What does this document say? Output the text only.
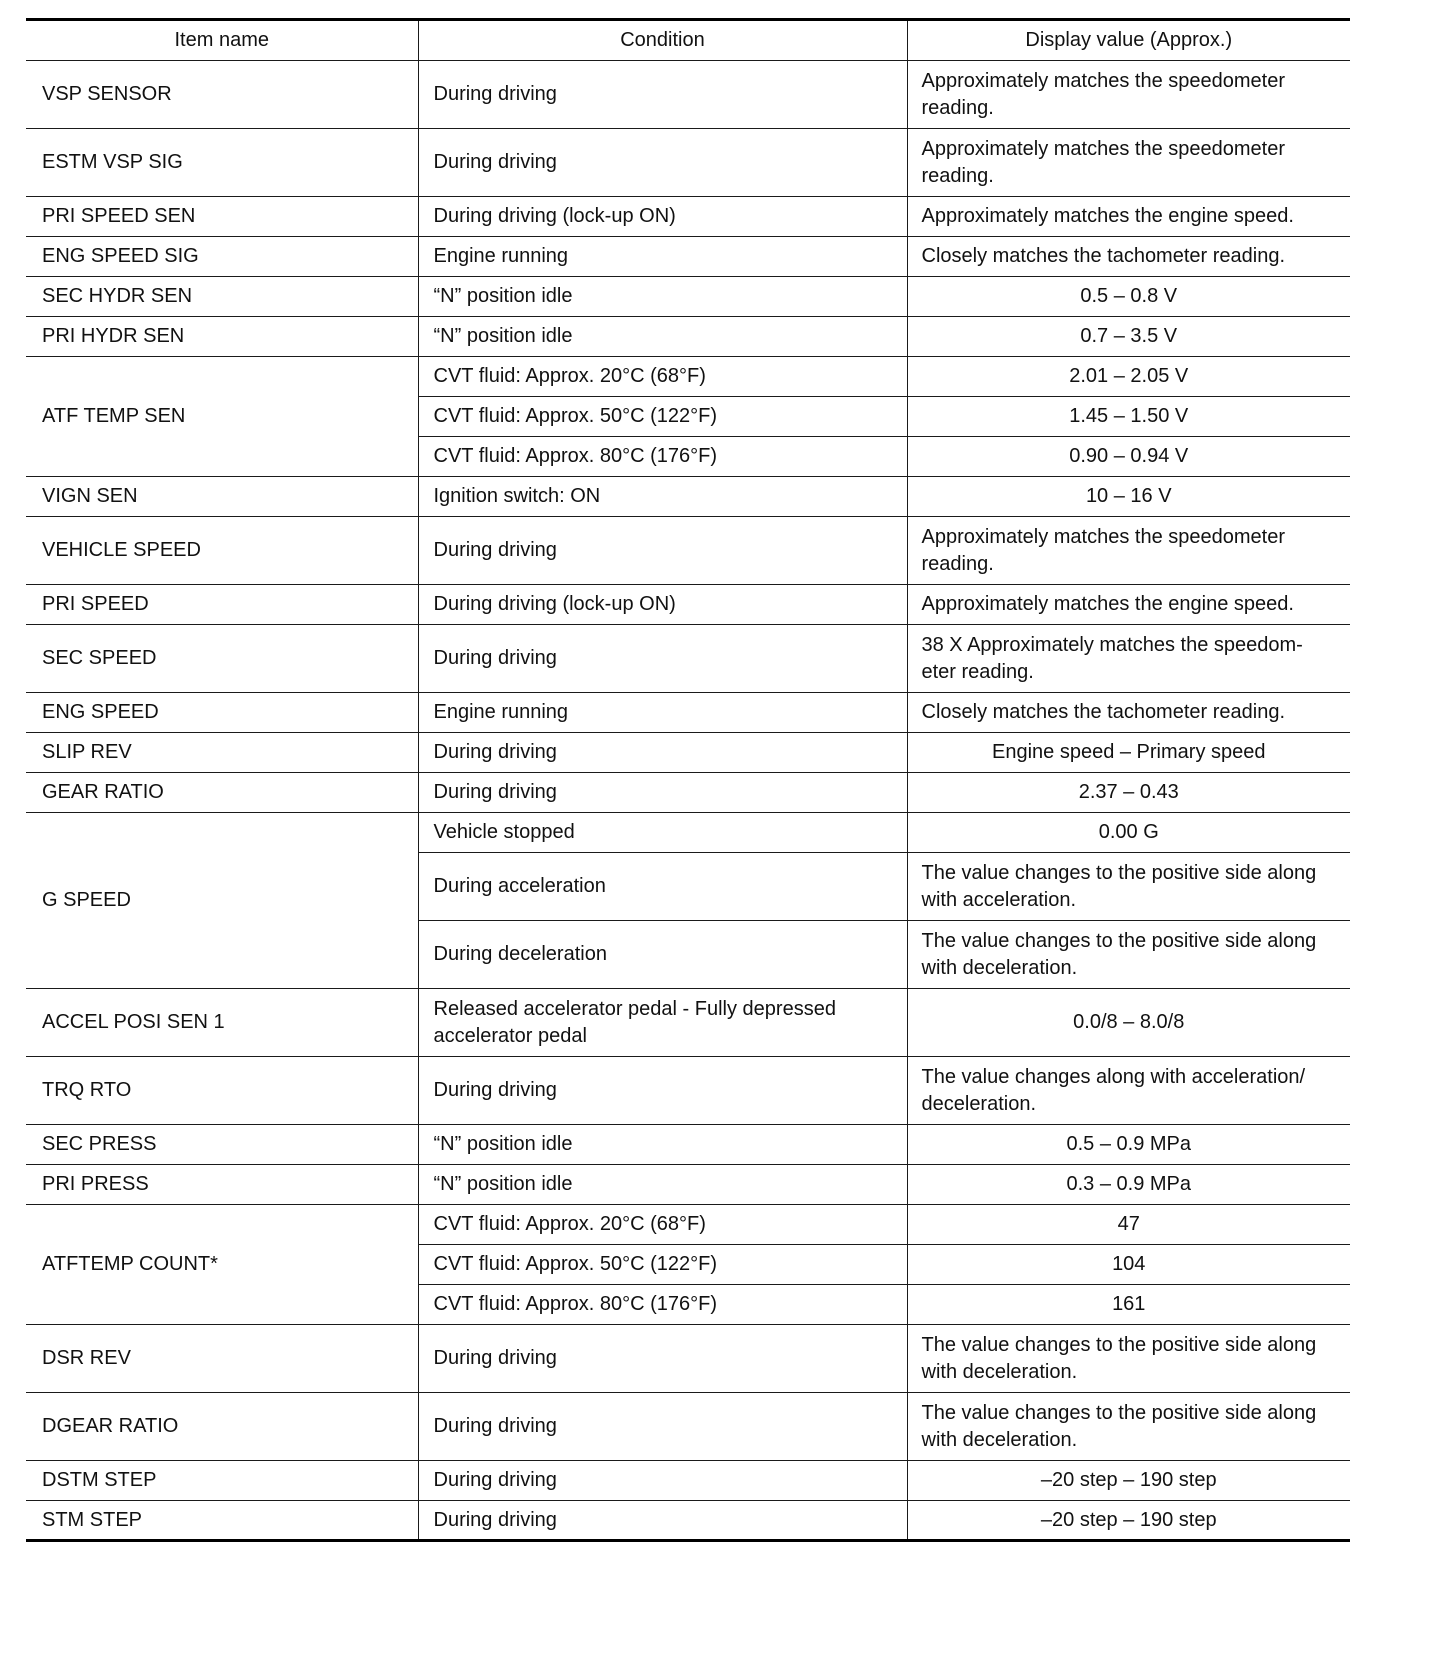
Item name	Condition	Display value (Approx.)
VSP SENSOR	During driving	Approximately matches the speedometer reading.
ESTM VSP SIG	During driving	Approximately matches the speedometer reading.
PRI SPEED SEN	During driving (lock-up ON)	Approximately matches the engine speed.
ENG SPEED SIG	Engine running	Closely matches the tachometer reading.
SEC HYDR SEN	“N” position idle	0.5 – 0.8 V
PRI HYDR SEN	“N” position idle	0.7 – 3.5 V
ATF TEMP SEN	CVT fluid: Approx. 20°C (68°F)	2.01 – 2.05 V
	CVT fluid: Approx. 50°C (122°F)	1.45 – 1.50 V
	CVT fluid: Approx. 80°C (176°F)	0.90 – 0.94 V
VIGN SEN	Ignition switch: ON	10 – 16 V
VEHICLE SPEED	During driving	Approximately matches the speedometer reading.
PRI SPEED	During driving (lock-up ON)	Approximately matches the engine speed.
SEC SPEED	During driving	38 X Approximately matches the speedom-eter reading.
ENG SPEED	Engine running	Closely matches the tachometer reading.
SLIP REV	During driving	Engine speed – Primary speed
GEAR RATIO	During driving	2.37 – 0.43
G SPEED	Vehicle stopped	0.00 G
	During acceleration	The value changes to the positive side along with acceleration.
	During deceleration	The value changes to the positive side along with deceleration.
ACCEL POSI SEN 1	Released accelerator pedal - Fully depressed accelerator pedal	0.0/8 – 8.0/8
TRQ RTO	During driving	The value changes along with acceleration/ deceleration.
SEC PRESS	“N” position idle	0.5 – 0.9 MPa
PRI PRESS	“N” position idle	0.3 – 0.9 MPa
ATFTEMP COUNT*	CVT fluid: Approx. 20°C (68°F)	47
	CVT fluid: Approx. 50°C (122°F)	104
	CVT fluid: Approx. 80°C (176°F)	161
DSR REV	During driving	The value changes to the positive side along with deceleration.
DGEAR RATIO	During driving	The value changes to the positive side along with deceleration.
DSTM STEP	During driving	–20 step – 190 step
STM STEP	During driving	–20 step – 190 step
